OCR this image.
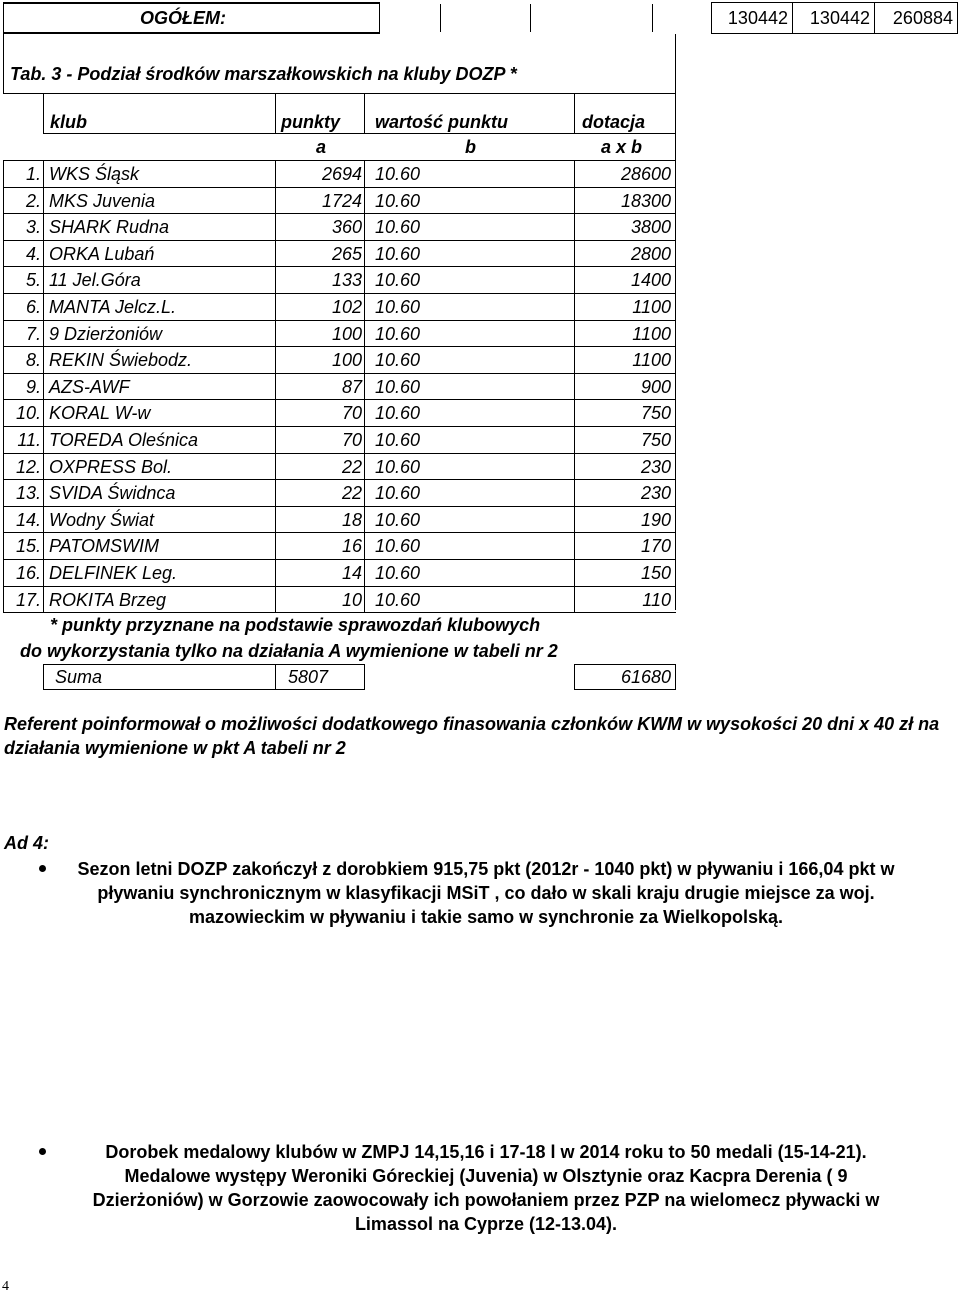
OGÓŁEM:	130442	130442	260884
Tab. 3 - Podział środków marszałkowskich na kluby DOZP *
klub	punkty wartość punktu	dotacja
a	b	a x b
1. WKS Śląsk	2694 10.60	28600
2. MKS Juvenia	1724 10.60	18300
3. SHARK Rudna	360 10.60	3800
4. ORKA Lubań	265 10.60	2800
5. 11 Jel.Góra	133 10.60	1400
6. MANTA Jelcz.L.	102 10.60	1100
7. 9 Dzierżoniów	100 10.60	1100
8. REKIN Świebodz.	100 10.60	1100
9. AZS-AWF	87 10.60	900
10. KORAL W-w	70 10.60	750
11. TOREDA Oleśnica	70 10.60	750
12. OXPRESS Bol.	22 10.60	230
13. SVIDA Świdnca	22 10.60	230
14. Wodny Świat	18 10.60	190
15. PATOMSWIM	16 10.60	170
16. DELFINEK Leg.	14 10.60	150
17. ROKITA Brzeg	10 10.60	110
* punkty przyznane na podstawie sprawozdań klubowych
do wykorzystania tylko na działania A wymienione w tabeli nr 2
Suma	5807	61680
Referent poinformował o możliwości dodatkowego finasowania członków KWM w wysokości 20 dni x 40 zł na działania wymienione w pkt A tabeli nr 2
Ad 4:
Sezon letni DOZP zakończył z dorobkiem 915,75 pkt (2012r - 1040 pkt) w pływaniu i 166,04 pkt w pływaniu synchronicznym w klasyfikacji MSiT , co dało w skali kraju drugie miejsce za woj. mazowieckim w pływaniu i takie samo w synchronie za Wielkopolską.
Dorobek medalowy klubów w ZMPJ 14,15,16 i 17-18 l w 2014 roku to 50 medali (15-14-21). Medalowe występy Weroniki Góreckiej (Juvenia) w Olsztynie oraz Kacpra Derenia ( 9 Dzierżoniów) w Gorzowie zaowocowały ich powołaniem przez PZP na wielomecz pływacki w Limassol na Cyprze (12-13.04).
4
